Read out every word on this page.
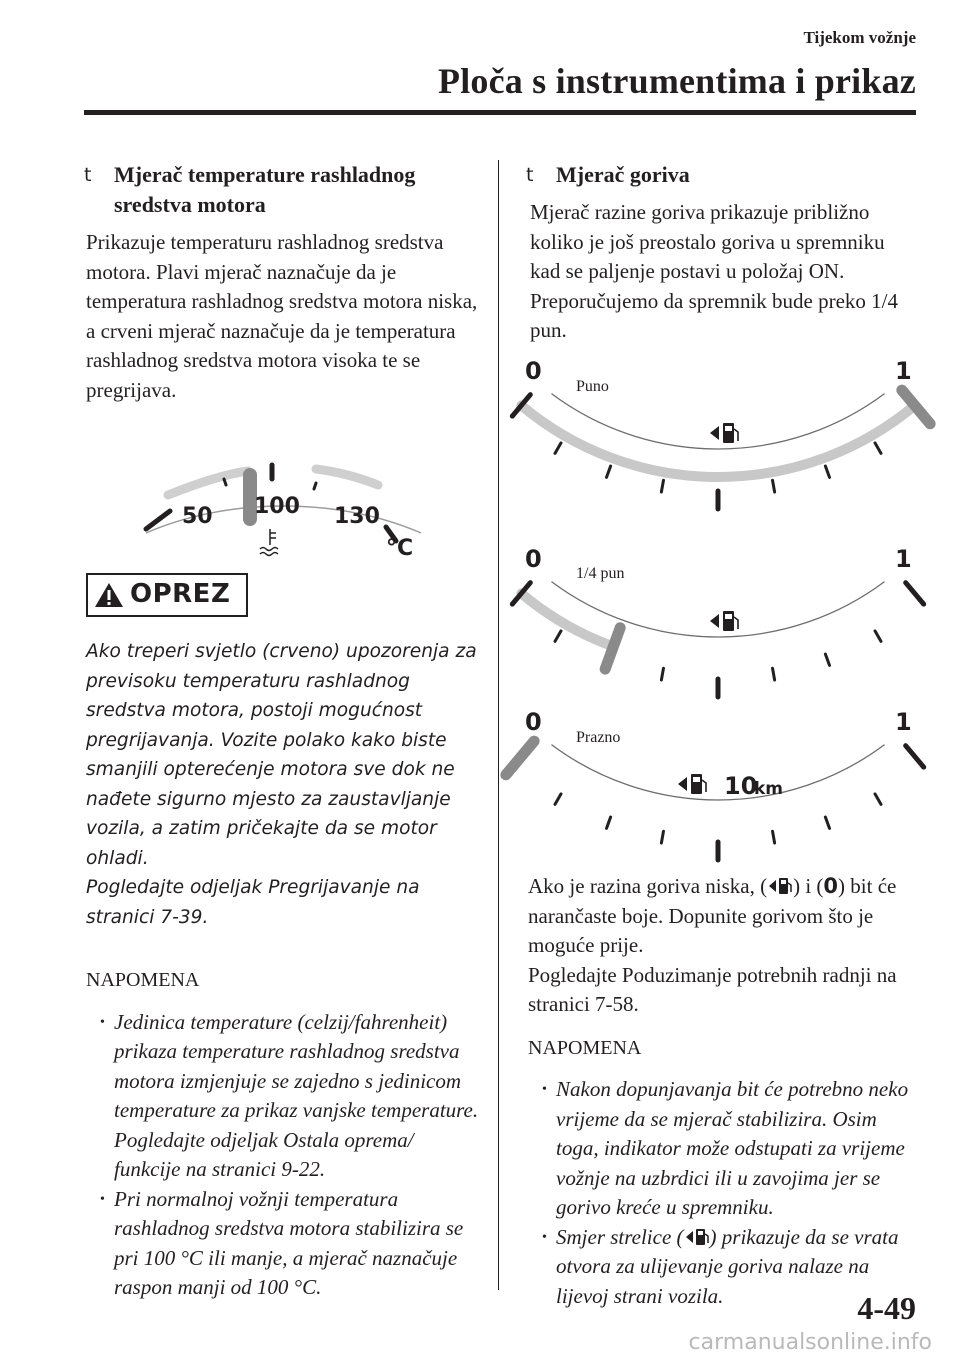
Tijekom vožnje
Ploča s instrumentima i prikaz
t Mjerač temperature rashladnog
sredstva motora

Prikazuje temperaturu rashladnog sredstva motora. Plavi mjerač naznačuje da je temperatura rashladnog sredstva motora niska, a crveni mjerač naznačuje da je temperatura rashladnog sredstva motora visoka te se pregrijava.

50 100 130
°C
OPREZ

Ako treperi svjetlo (crveno) upozorenja za previsoku temperaturu rashladnog sredstva motora, postoji mogućnost pregrijavanja. Vozite polako kako biste smanjili opterećenje motora sve dok ne nađete sigurno mjesto za zaustavljanje vozila, a zatim pričekajte da se motor ohladi.

Pogledajte odjeljak Pregrijavanje na stranici 7-39.

NAPOMENA
• Jedinica temperature (celzij/fahrenheit) prikaza temperature rashladnog sredstva motora izmjenjuje se zajedno s jedinicom temperature za prikaz vanjske temperature.
Pogledajte odjeljak Ostala oprema/ funkcije na stranici 9-22.
• Pri normalnoj vožnji temperatura rashladnog sredstva motora stabilizira se pri 100 °C ili manje, a mjerač naznačuje raspon manji od 100 °C.
t Mjerač goriva

Mjerač razine goriva prikazuje približno koliko je još preostalo goriva u spremniku kad se paljenje postavi u položaj ON. Preporučujemo da spremnik bude preko 1/4 pun.

Puno
0	1
1/4 pun
0	1
Prazno
0	1
10
km

Ako je razina goriva niska, ( ) i (0) bit će narančaste boje. Dopunite gorivom što je moguće prije.

Pogledajte Poduzimanje potrebnih radnji na stranici 7-58.

NAPOMENA
• Nakon dopunjavanja bit će potrebno neko vrijeme da se mjerač stabilizira. Osim toga, indikator može odstupati za vrijeme vožnje na uzbrdici ili u zavojima jer se gorivo kreće u spremniku.
• Smjer strelice ( ) prikazuje da se vrata otvora za ulijevanje goriva nalaze na lijevoj strani vozila.	4-49
carmanualsonline.info
